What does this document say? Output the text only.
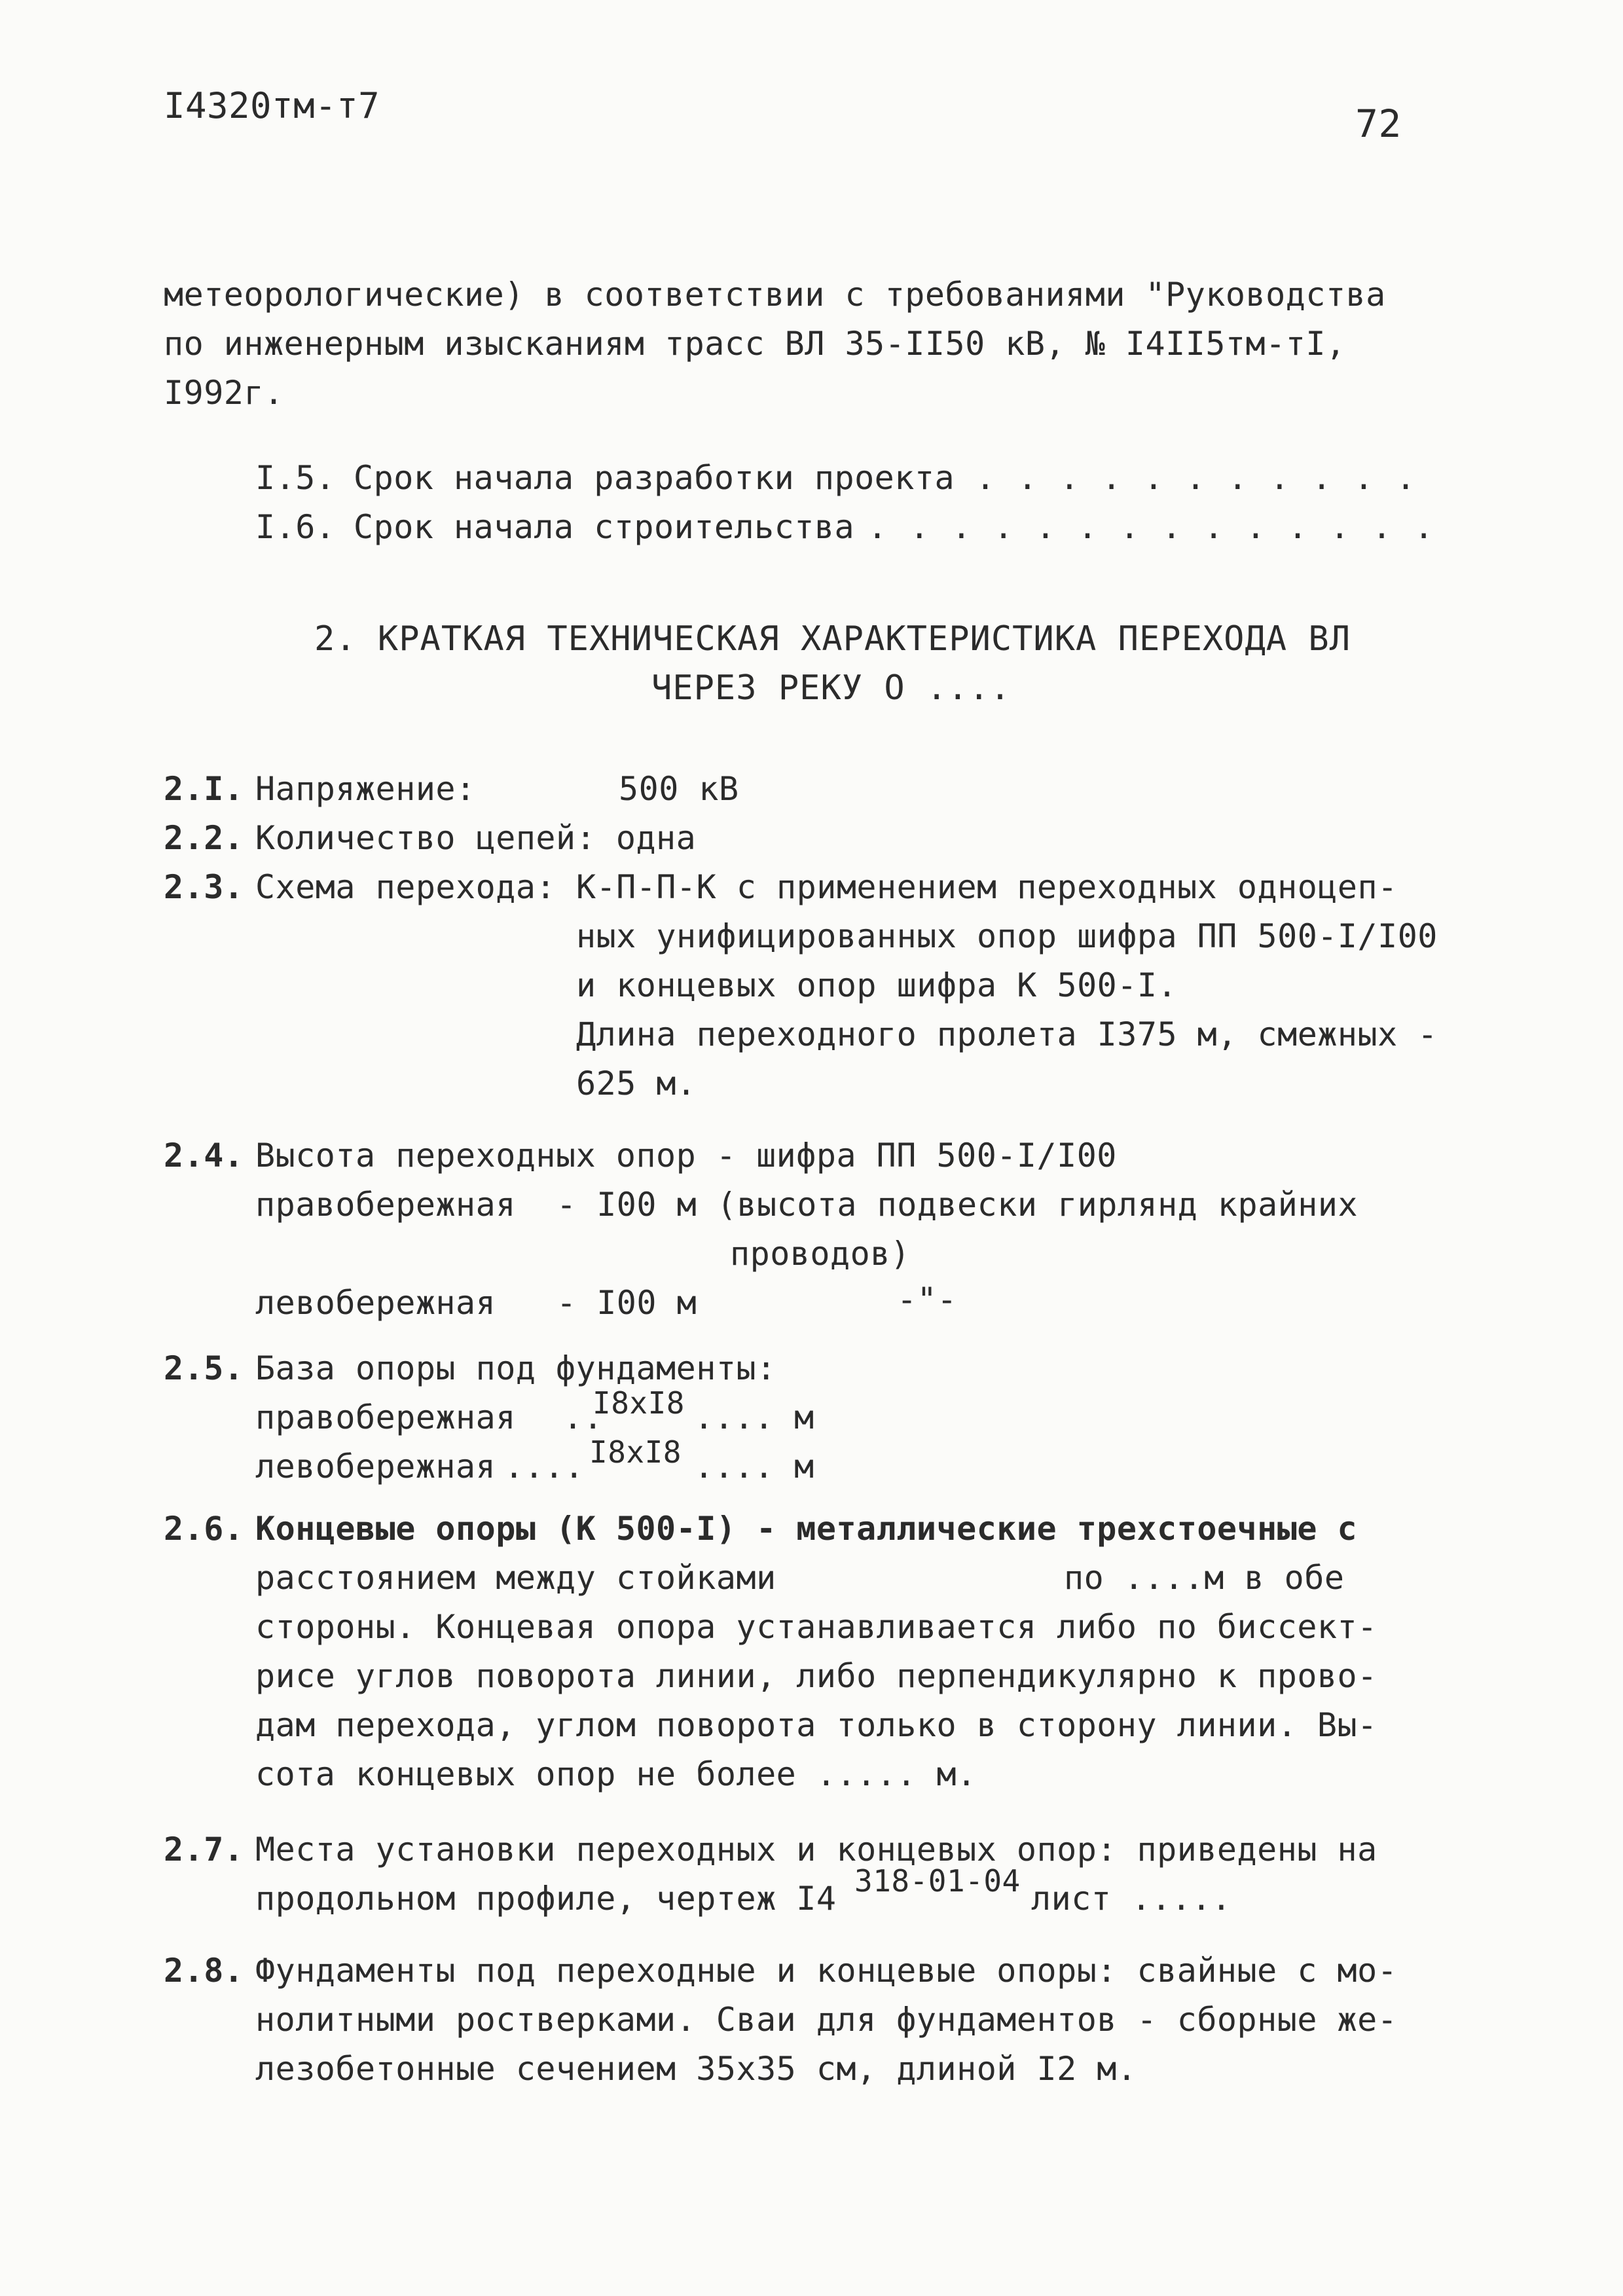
I4320тм-т7	72
метеорологические) в соответствии с требованиями "Руководства
по инженерным изысканиям трасс ВЛ 35-II50 кВ, № I4II5тм-тI,
I992г.
I.5. Срок начала разработки проекта . . . . . . . . . . .
I.6. Срок начала строительства . . . . . . . . . . . . . .
2. КРАТКАЯ ТЕХНИЧЕСКАЯ ХАРАКТЕРИСТИКА ПЕРЕХОДА ВЛ
ЧЕРЕЗ РЕКУ О ....
2.I. Напряжение:	500 кВ
2.2. Количество цепей: одна
2.3. Схема перехода: К-П-П-К с применением переходных одноцеп-
ных унифицированных опор шифра ПП 500-I/I00
и концевых опор шифра К 500-I.
Длина переходного пролета I375 м, смежных -
625 м.
2.4. Высота переходных опор - шифра ПП 500-I/I00
правобережная - I00 м (высота подвески гирлянд крайних
проводов)
левобережная - I00 м	-"-
2.5. База опоры под фундаменты:
правобережная ..
I8хI8 .... м
левобережная .... I8хI8 .... м
2.6. Концевые опоры (К 500-I) - металлические трехстоечные с
расстоянием между стойками	по ....м в обе
стороны. Концевая опора устанавливается либо по биссект-
рисе углов поворота линии, либо перпендикулярно к прово-
дам перехода, углом поворота только в сторону линии. Вы-
сота концевых опор не более ..... м.
2.7. Места установки переходных и концевых опор: приведены на
продольном профиле, чертеж I4 318-01-04 лист .....
2.8. Фундаменты под переходные и концевые опоры: свайные с мо-
нолитными ростверками. Сваи для фундаментов - сборные же-
лезобетонные сечением 35х35 см, длиной I2 м.
